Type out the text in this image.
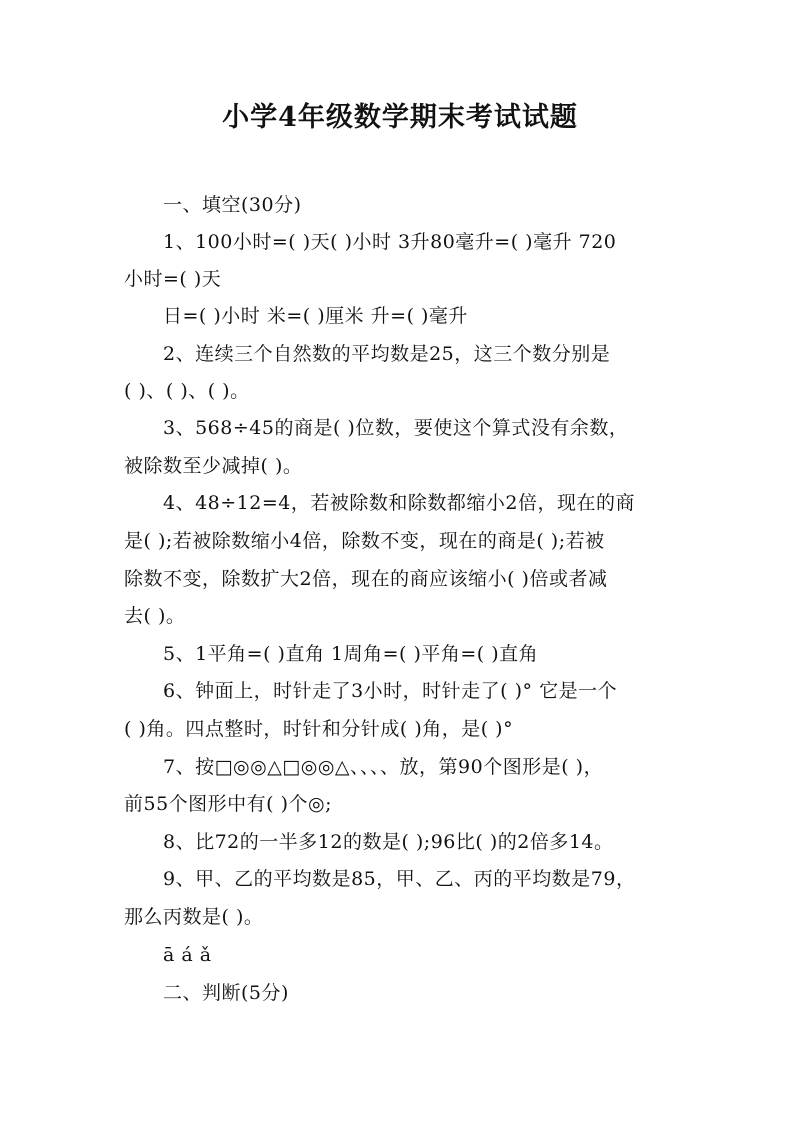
小学4年级数学期末考试试题
一、填空(30分)
1、100小时=( )天( )小时 3升80毫升=( )毫升 720
小时=( )天
日=( )小时 米=( )厘米 升=( )毫升
2、连续三个自然数的平均数是25，这三个数分别是
( )、( )、( )。
3、568÷45的商是( )位数，要使这个算式没有余数，
被除数至少减掉( )。
4、48÷12=4，若被除数和除数都缩小2倍，现在的商
是( );若被除数缩小4倍，除数不变，现在的商是( );若被
除数不变，除数扩大2倍，现在的商应该缩小( )倍或者减
去( )。
5、1平角=( )直角 1周角=( )平角=( )直角
6、钟面上，时针走了3小时，时针走了( )° 它是一个
( )角。四点整时，时针和分针成( )角，是( )°
7、按□◎◎△□◎◎△、、、、放，第90个图形是( )，
前55个图形中有( )个◎;
8、比72的一半多12的数是( );96比( )的2倍多14。
9、甲、乙的平均数是85，甲、乙、丙的平均数是79，
那么丙数是( )。
ā á ǎ
二、判断(5分)
